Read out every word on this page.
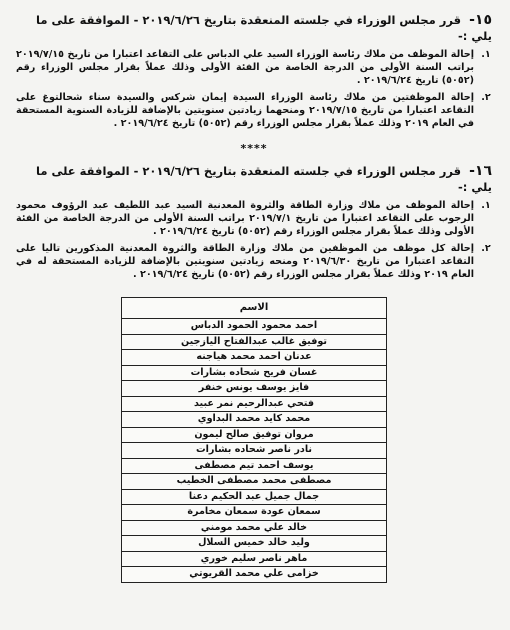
١٥- قرر مجلس الوزراء في جلسته المنعقدة بتاريخ ٢٠١٩/٦/٢٦ - الموافقة على ما يلي :-

١.
إحالة الموظف من ملاك رئاسة الوزراء السيد علي الدباس على التقاعد اعتبارا من تاريخ ٢٠١٩/٧/١٥ براتب السنة الأولى من الدرجة الخاصة من الفئة الأولى وذلك عملاً بقرار مجلس الوزراء رقم (٥٠٥٢) تاريخ ٢٠١٩/٦/٢٤ .
٢.
إحالة الموظفتين من ملاك رئاسة الوزراء السيدة إيمان شركس والسيدة سناء شحالتوغ على التقاعد اعتبارا من تاريخ ٢٠١٩/٧/١٥ ومنحهما زيادتين سنويتين بالإضافة للزيادة السنوية المستحقة في العام ٢٠١٩ وذلك عملاً بقرار مجلس الوزراء رقم (٥٠٥٢) تاريخ ٢٠١٩/٦/٢٤ .
****

١٦- قرر مجلس الوزراء في جلسته المنعقدة بتاريخ ٢٠١٩/٦/٢٦ - الموافقة على ما يلي :-

١.
إحالة الموظف من ملاك وزارة الطاقة والثروة المعدنية السيد عبد اللطيف عبد الرؤوف محمود الرجوب على التقاعد اعتبارا من تاريخ ٢٠١٩/٧/١ براتب السنة الأولى من الدرجة الخاصة من الفئة الأولى وذلك عملاً بقرار مجلس الوزراء رقم (٥٠٥٢) تاريخ ٢٠١٩/٦/٢٤ .
٢.
إحالة كل موظف من الموظفين من ملاك وزارة الطاقة والثروة المعدنية المذكورين تاليا على التقاعد اعتبارا من تاريخ ٢٠١٩/٦/٣٠ ومنحه زيادتين سنويتين بالإضافة للزيادة المستحقة له في العام ٢٠١٩ وذلك عملاً بقرار مجلس الوزراء رقم (٥٠٥٢) تاريخ ٢٠١٩/٦/٢٤ .
الاسم
احمد محمود الحمود الدباس
توفيق غالب عبدالفتاح اليازجين
عدنان احمد محمد هياجنه
غسان فريح شحاده بشارات
فايز يوسف يونس خنفر
فتحي عبدالرحيم نمر عبيد
محمد كايد محمد البداوي
مروان توفيق صالح ليمون
نادر ناصر شحاده بشارات
يوسف احمد تيم مصطفى
مصطفى محمد مصطفى الخطيب
جمال جميل عبد الحكيم دعنا
سمعان عودة سمعان مخامرة
خالد علي محمد مومني
وليد خالد خميس السلال
ماهر ناصر سليم خوري
خزامى علي محمد القريوتي
